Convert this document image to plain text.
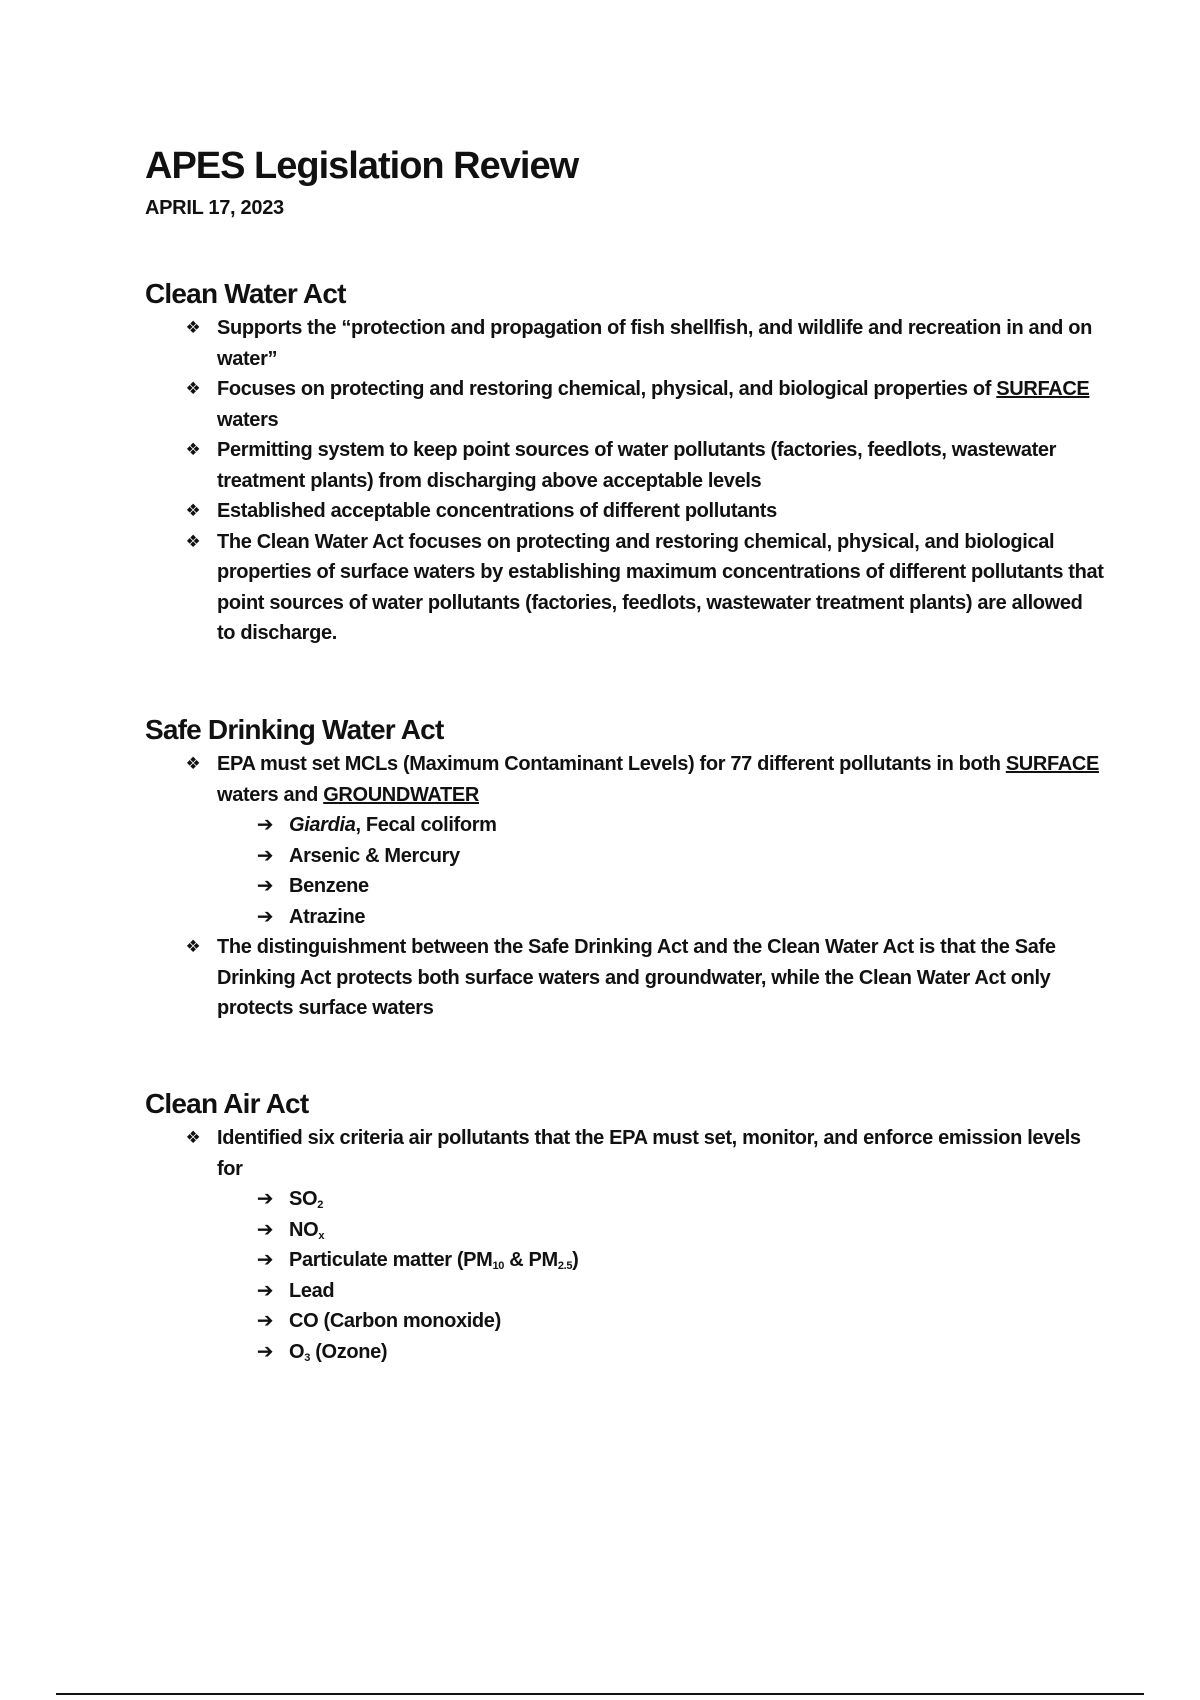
APES Legislation Review
APRIL 17, 2023
Clean Water Act
❖ Supports the “protection and propagation of fish shellfish, and wildlife and recreation in and on water”
❖ Focuses on protecting and restoring chemical, physical, and biological properties of SURFACE waters
❖ Permitting system to keep point sources of water pollutants (factories, feedlots, wastewater treatment plants) from discharging above acceptable levels
❖ Established acceptable concentrations of different pollutants
❖ The Clean Water Act focuses on protecting and restoring chemical, physical, and biological properties of surface waters by establishing maximum concentrations of different pollutants that point sources of water pollutants (factories, feedlots, wastewater treatment plants) are allowed to discharge.
Safe Drinking Water Act
❖ EPA must set MCLs (Maximum Contaminant Levels) for 77 different pollutants in both SURFACE waters and GROUNDWATER
➔ Giardia, Fecal coliform
➔ Arsenic & Mercury
➔ Benzene
➔ Atrazine
❖ The distinguishment between the Safe Drinking Act and the Clean Water Act is that the Safe Drinking Act protects both surface waters and groundwater, while the Clean Water Act only protects surface waters
Clean Air Act
❖ Identified six criteria air pollutants that the EPA must set, monitor, and enforce emission levels for
➔ $SO_2$
➔ $NO_x$
➔ Particulate matter ($PM_{10}$ & $PM_{2.5}$)
➔ Lead
➔ CO (Carbon monoxide)
➔ $O_3$ (Ozone)
